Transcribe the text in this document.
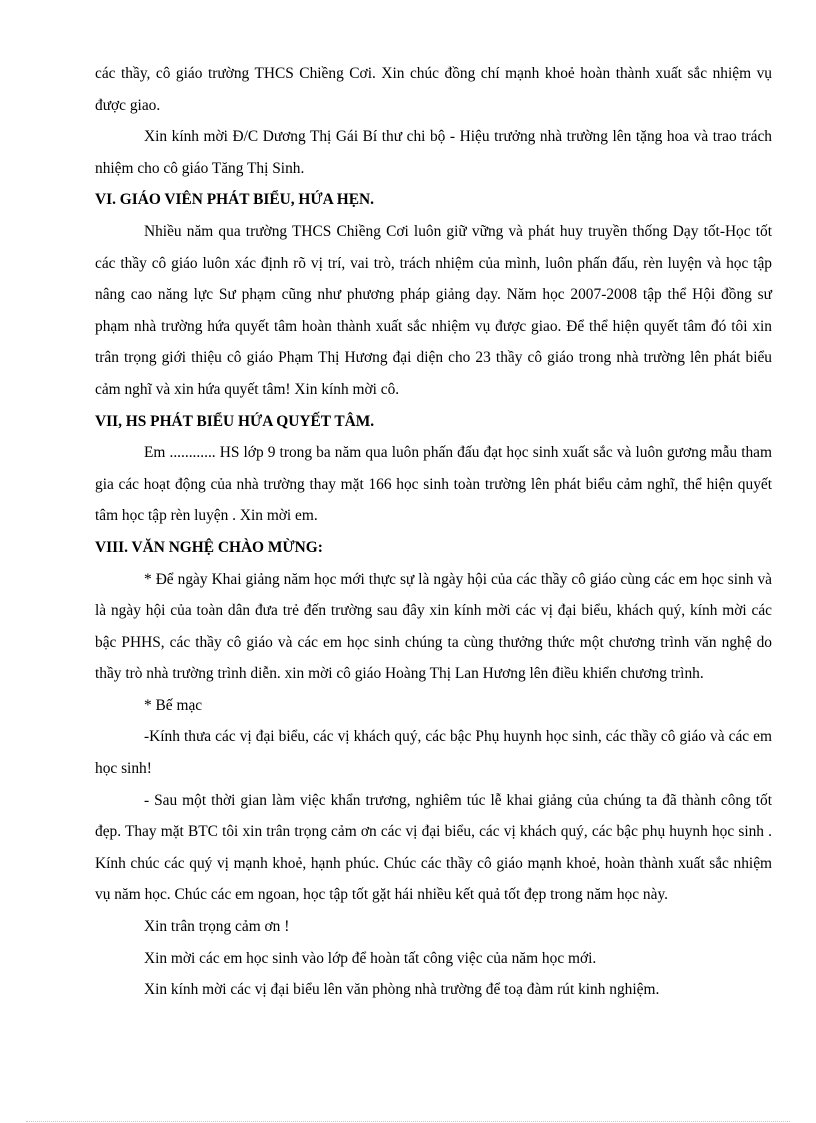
các thầy, cô giáo trường THCS Chiềng Cơi. Xin chúc đồng chí mạnh khoẻ hoàn thành xuất sắc nhiệm vụ được giao.

Xin kính mời Đ/C Dương Thị Gái Bí thư chi bộ - Hiệu trưởng nhà trường lên tặng hoa và trao trách nhiệm cho cô giáo Tăng Thị Sinh.

VI. GIÁO VIÊN PHÁT BIỂU, HỨA HẸN.

Nhiều năm qua trường THCS Chiềng Cơi luôn giữ vững và phát huy truyền thống Dạy tốt-Học tốt các thầy cô giáo luôn xác định rõ vị trí, vai trò, trách nhiệm của mình, luôn phấn đấu, rèn luyện và học tập nâng cao năng lực Sư phạm cũng như phương pháp giảng dạy. Năm học 2007-2008 tập thể Hội đồng sư phạm nhà trường hứa quyết tâm hoàn thành xuất sắc nhiệm vụ được giao. Để thể hiện quyết tâm đó tôi xin trân trọng giới thiệu cô giáo Phạm Thị Hương đại diện cho 23 thầy cô giáo trong nhà trường lên phát biểu cảm nghĩ và xin hứa quyết tâm! Xin kính mời cô.

VII, HS PHÁT BIỂU HỨA QUYẾT TÂM.

Em ............ HS lớp 9 trong ba năm qua luôn phấn đấu đạt học sinh xuất sắc và luôn gương mẫu tham gia các hoạt động của nhà trường thay mặt 166 học sinh toàn trường lên phát biểu cảm nghĩ, thể hiện quyết tâm học tập rèn luyện . Xin mời em.

VIII. VĂN NGHỆ CHÀO MỪNG:

* Để ngày Khai giảng năm học mới thực sự là ngày hội của các thầy cô giáo cùng các em học sinh và là ngày hội của toàn dân đưa trẻ đến trường sau đây xin kính mời các vị đại biểu, khách quý, kính mời các bậc PHHS, các thầy cô giáo và các em học sinh chúng ta cùng thưởng thức một chương trình văn nghệ do thầy trò nhà trường trình diễn. xin mời cô giáo Hoàng Thị Lan Hương lên điều khiển chương trình.

* Bế mạc

-Kính thưa các vị đại biểu, các vị khách quý, các bậc Phụ huynh học sinh, các thầy cô giáo và các em học sinh!

- Sau một thời gian làm việc khẩn trương, nghiêm túc lễ khai giảng của chúng ta đã thành công tốt đẹp. Thay mặt BTC tôi xin trân trọng cảm ơn các vị đại biểu, các vị khách quý, các bậc phụ huynh học sinh . Kính chúc các quý vị mạnh khoẻ, hạnh phúc. Chúc các thầy cô giáo mạnh khoẻ, hoàn thành xuất sắc nhiệm vụ năm học. Chúc các em ngoan, học tập tốt gặt hái nhiều kết quả tốt đẹp trong năm học này.

Xin trân trọng cảm ơn !

Xin mời các em học sinh vào lớp để hoàn tất công việc của năm học mới.

Xin kính mời các vị đại biểu lên văn phòng nhà trường để toạ đàm rút kinh nghiệm.
